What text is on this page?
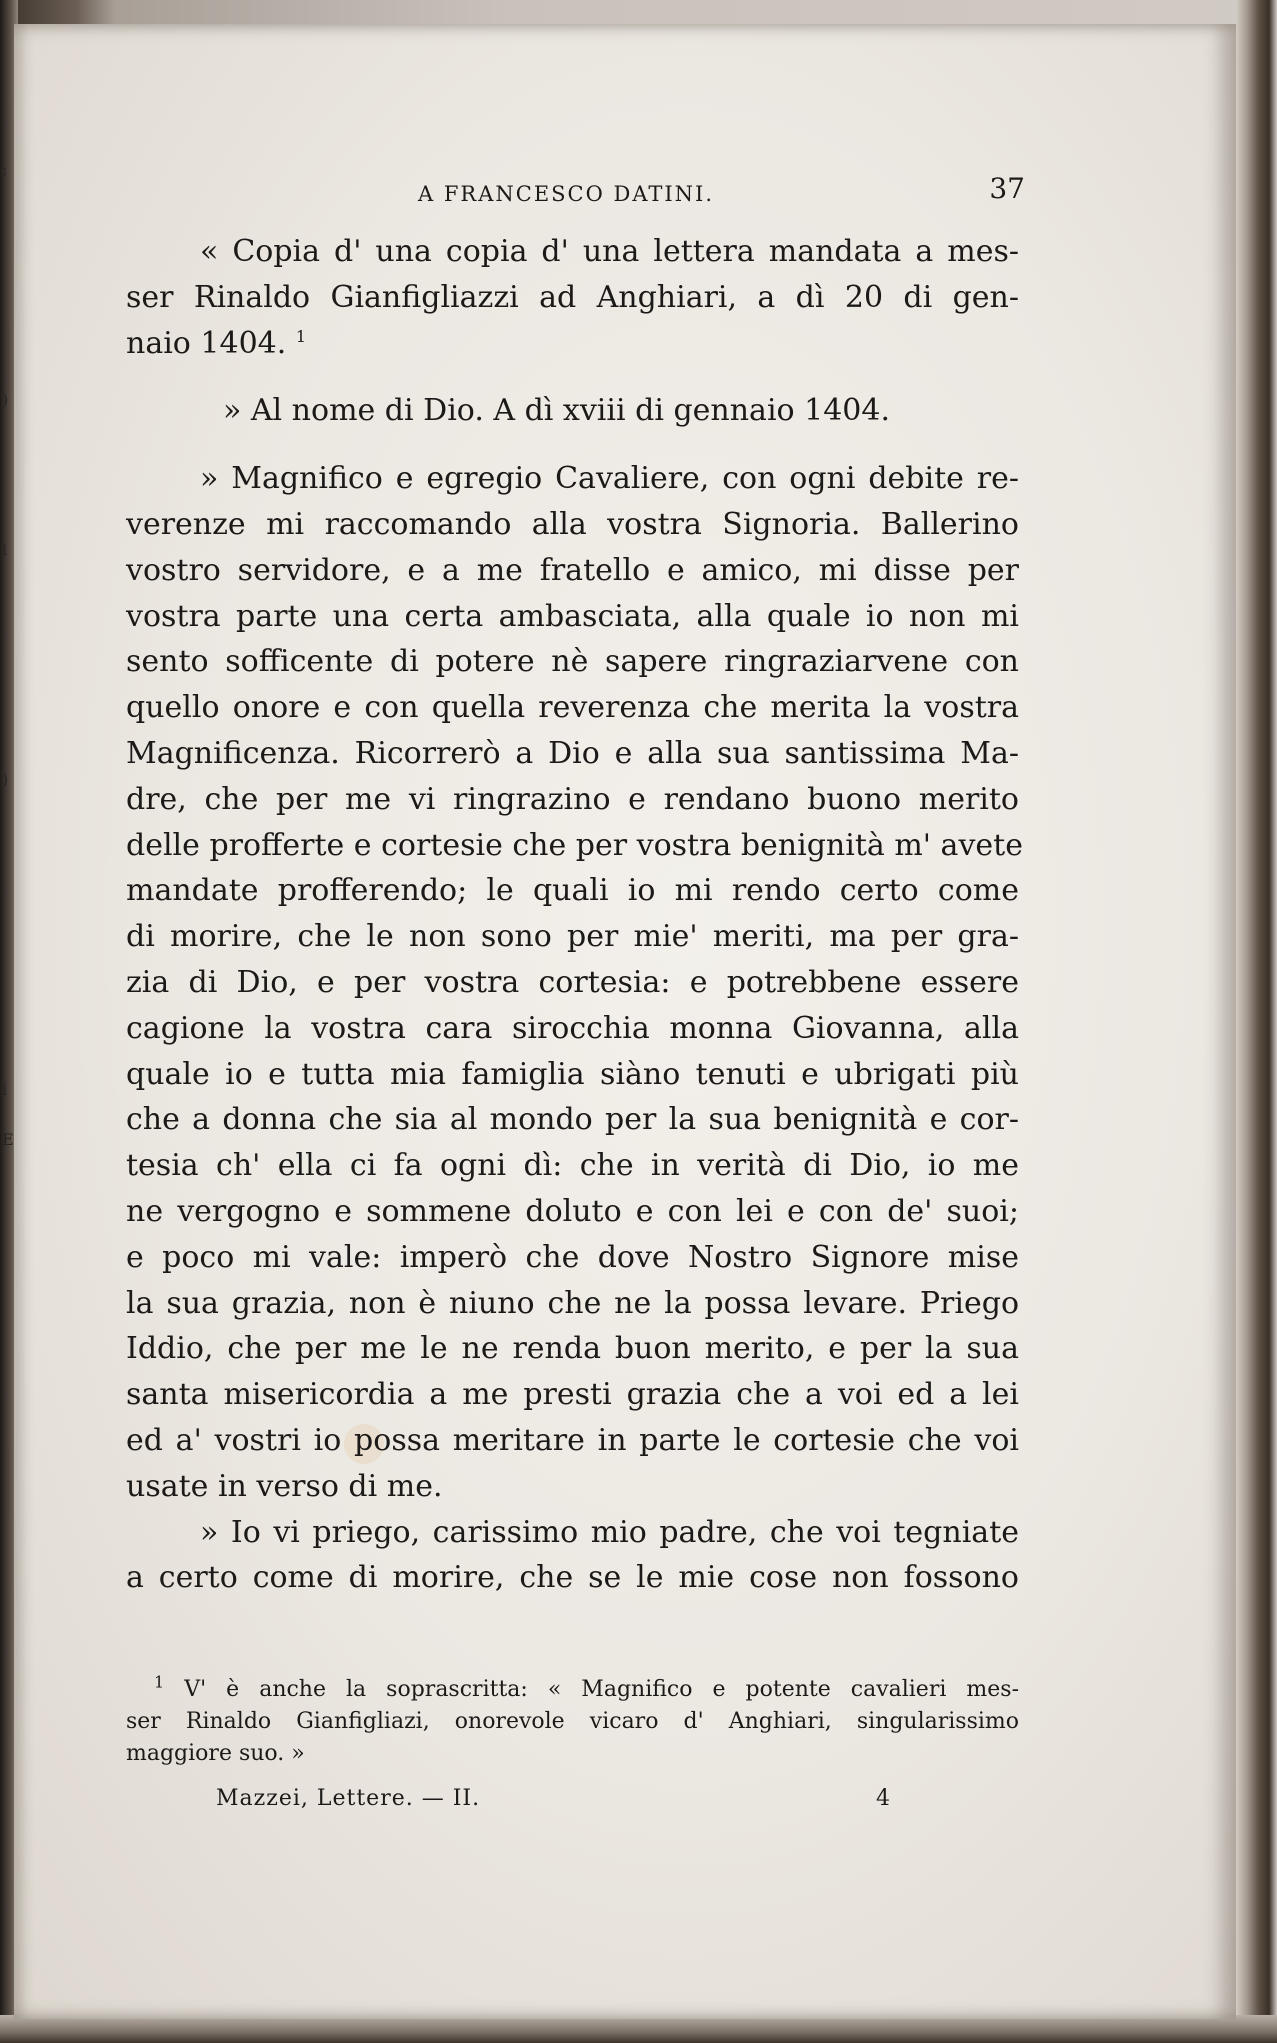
;
)
i
)
i
E
A FRANCESCO DATINI.	37
« Copia d' una copia d' una lettera mandata a mes-
ser Rinaldo Gianfigliazzi ad Anghiari, a dì 20 di gen-
naio 1404. $^1$
» Al nome di Dio. A dì xviii di gennaio 1404.
» Magnifico e egregio Cavaliere, con ogni debite re-
verenze mi raccomando alla vostra Signoria. Ballerino
vostro servidore, e a me fratello e amico, mi disse per
vostra parte una certa ambasciata, alla quale io non mi
sento sofficente di potere nè sapere ringraziarvene con
quello onore e con quella reverenza che merita la vostra
Magnificenza. Ricorrerò a Dio e alla sua santissima Ma-
dre, che per me vi ringrazino e rendano buono merito
delle profferte e cortesie che per vostra benignità m' avete
mandate profferendo; le quali io mi rendo certo come
di morire, che le non sono per mie' meriti, ma per gra-
zia di Dio, e per vostra cortesia: e potrebbene essere
cagione la vostra cara sirocchia monna Giovanna, alla
quale io e tutta mia famiglia siàno tenuti e ubrigati più
che a donna che sia al mondo per la sua benignità e cor-
tesia ch' ella ci fa ogni dì: che in verità di Dio, io me
ne vergogno e sommene doluto e con lei e con de' suoi;
e poco mi vale: imperò che dove Nostro Signore mise
la sua grazia, non è niuno che ne la possa levare. Priego
Iddio, che per me le ne renda buon merito, e per la sua
santa misericordia a me presti grazia che a voi ed a lei
ed a' vostri io possa meritare in parte le cortesie che voi
usate in verso di me.
» Io vi priego, carissimo mio padre, che voi tegniate
a certo come di morire, che se le mie cose non fossono
$^1$ V' è anche la soprascritta: « Magnifico e potente cavalieri mes-
ser Rinaldo Gianfigliazi, onorevole vicaro d' Anghiari, singularissimo
maggiore suo. »
Mazzei, Lettere. — II.	4
